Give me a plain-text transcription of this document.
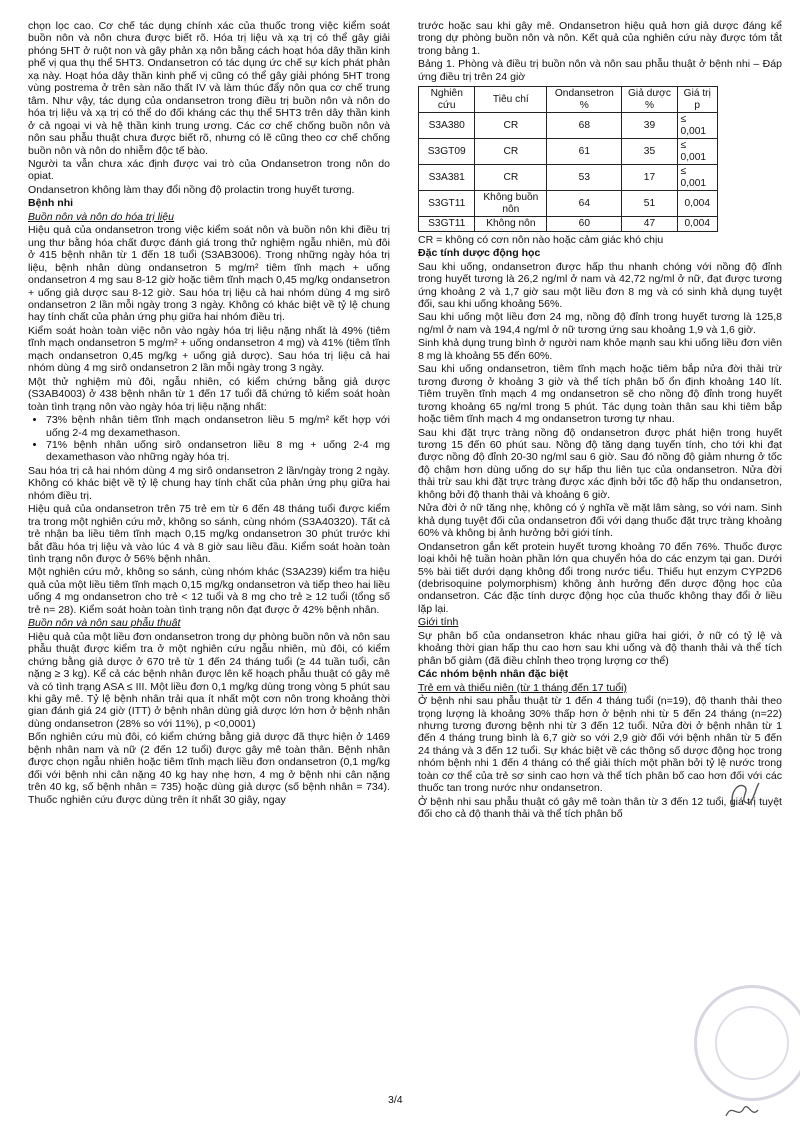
chọn lọc cao. Cơ chế tác dụng chính xác của thuốc trong việc kiểm soát buồn nôn và nôn chưa được biết rõ. Hóa trị liệu và xạ trị có thể gây giải phóng 5HT ở ruột non và gây phản xạ nôn bằng cách hoạt hóa dây thần kinh phế vị qua thụ thể 5HT3. Ondansetron có tác dụng ức chế sự kích phát phản xạ này. Hoạt hóa dây thần kinh phế vị cũng có thể gây giải phóng 5HT trong vùng postrema ở trên sàn não thất IV và làm thúc đẩy nôn qua cơ chế trung tâm. Như vậy, tác dụng của ondansetron trong điều trị buồn nôn và nôn do hóa trị liệu và xạ trị có thể do đối kháng các thụ thể 5HT3 trên dây thần kinh ở cả ngoại vi và hệ thần kinh trung ương. Các cơ chế chống buồn nôn và nôn sau phẫu thuật chưa được biết rõ, nhưng có lẽ cũng theo cơ chế chống buồn nôn và nôn do nhiễm độc tế bào.

Người ta vẫn chưa xác định được vai trò của Ondansetron trong nôn do opiat.

Ondansetron không làm thay đổi nồng độ prolactin trong huyết tương.

Bệnh nhi

Buồn nôn và nôn do hóa trị liệu

Hiệu quả của ondansetron trong việc kiểm soát nôn và buồn nôn khi điều trị ung thư bằng hóa chất được đánh giá trong thử nghiệm ngẫu nhiên, mù đôi ở 415 bệnh nhân từ 1 đến 18 tuổi (S3AB3006). Trong những ngày hóa trị liệu, bệnh nhân dùng ondansetron 5 mg/m² tiêm tĩnh mạch + uống ondansetron 4 mg sau 8-12 giờ hoặc tiêm tĩnh mạch 0,45 mg/kg ondansetron + uống giả dược sau 8-12 giờ. Sau hóa trị liệu cả hai nhóm dùng 4 mg sirô ondansetron 2 lần mỗi ngày trong 3 ngày. Không có khác biệt về tỷ lệ chung hay tính chất của phản ứng phụ giữa hai nhóm điều trị.

Kiểm soát hoàn toàn việc nôn vào ngày hóa trị liệu nặng nhất là 49% (tiêm tĩnh mạch ondansetron 5 mg/m² + uống ondansetron 4 mg) và 41% (tiêm tĩnh mạch ondansetron 0,45 mg/kg + uống giả dược). Sau hóa trị liệu cả hai nhóm dùng 4 mg sirô ondansetron 2 lần mỗi ngày trong 3 ngày.

Một thử nghiệm mù đôi, ngẫu nhiên, có kiểm chứng bằng giả dược (S3AB4003) ở 438 bệnh nhân từ 1 đến 17 tuổi đã chứng tỏ kiểm soát hoàn toàn tình trạng nôn vào ngày hóa trị liệu nặng nhất:

• 73% bệnh nhân tiêm tĩnh mạch ondansetron liều 5 mg/m² kết hợp với uống 2-4 mg dexamethason.
• 71% bệnh nhân uống sirô ondansetron liều 8 mg + uống 2-4 mg dexamethason vào những ngày hóa trị.

Sau hóa trị cả hai nhóm dùng 4 mg sirô ondansetron 2 lần/ngày trong 2 ngày. Không có khác biệt về tỷ lệ chung hay tính chất của phản ứng phụ giữa hai nhóm điều trị.

Hiệu quả của ondansetron trên 75 trẻ em từ 6 đến 48 tháng tuổi được kiểm tra trong một nghiên cứu mở, không so sánh, cùng nhóm (S3A40320). Tất cả trẻ nhận ba liều tiêm tĩnh mạch 0,15 mg/kg ondansetron 30 phút trước khi bắt đầu hóa trị liệu và vào lúc 4 và 8 giờ sau liều đầu. Kiểm soát hoàn toàn tình trạng nôn được ở 56% bệnh nhân.

Một nghiên cứu mở, không so sánh, cùng nhóm khác (S3A239) kiểm tra hiệu quả của một liều tiêm tĩnh mạch 0,15 mg/kg ondansetron và tiếp theo hai liều uống 4 mg ondansetron cho trẻ < 12 tuổi và 8 mg cho trẻ ≥ 12 tuổi (tổng số trẻ n= 28). Kiểm soát hoàn toàn tình trạng nôn đạt được ở 42% bệnh nhân.

Buồn nôn và nôn sau phẫu thuật

Hiệu quả của một liều đơn ondansetron trong dự phòng buồn nôn và nôn sau phẫu thuật được kiểm tra ở một nghiên cứu ngẫu nhiên, mù đôi, có kiểm chứng bằng giả dược ở 670 trẻ từ 1 đến 24 tháng tuổi (≥ 44 tuần tuổi, cân nặng ≥ 3 kg). Kể cả các bệnh nhân được lên kế hoạch phẫu thuật có gây mê và có tình trạng ASA ≤ III. Một liều đơn 0,1 mg/kg dùng trong vòng 5 phút sau khi gây mê. Tỷ lệ bệnh nhân trải qua ít nhất một cơn nôn trong khoảng thời gian đánh giá 24 giờ (ITT) ở bệnh nhân dùng giả dược lớn hơn ở bệnh nhân dùng ondansetron (28% so với 11%), p <0,0001)

Bốn nghiên cứu mù đôi, có kiểm chứng bằng giả dược đã thực hiện ở 1469 bệnh nhân nam và nữ (2 đến 12 tuổi) được gây mê toàn thân. Bệnh nhân được chọn ngẫu nhiên hoặc tiêm tĩnh mạch liều đơn ondansetron (0,1 mg/kg đối với bệnh nhi cân nặng 40 kg hay nhẹ hơn, 4 mg ở bệnh nhi cân nặng trên 40 kg, số bệnh nhân = 735) hoặc dùng giả dược (số bệnh nhân = 734). Thuốc nghiên cứu được dùng trên ít nhất 30 giây, ngay

trước hoặc sau khi gây mê. Ondansetron hiệu quả hơn giả dược đáng kể trong dự phòng buồn nôn và nôn. Kết quả của nghiên cứu này được tóm tắt trong bảng 1.

Bảng 1. Phòng và điều trị buồn nôn và nôn sau phẫu thuật ở bệnh nhi – Đáp ứng điều trị trên 24 giờ

Nghiên cứu	Tiêu chí	Ondansetron %	Giả dược %	Giá trị p
S3A380	CR	68	39	≤ 0,001
S3GT09	CR	61	35	≤ 0,001
S3A381	CR	53	17	≤ 0,001
S3GT11	Không buồn nôn	64	51	0,004
S3GT11	Không nôn	60	47	0,004

CR = không có cơn nôn nào hoặc cảm giác khó chịu

Đặc tính dược động học

Sau khi uống, ondansetron được hấp thu nhanh chóng với nồng độ đỉnh trong huyết tương là 26,2 ng/ml ở nam và 42,72 ng/ml ở nữ, đạt được tương ứng khoảng 2 và 1,7 giờ sau một liều đơn 8 mg và có sinh khả dụng tuyệt đối, sau khi uống khoảng 56%.

Sau khi uống một liều đơn 24 mg, nồng độ đỉnh trong huyết tương là 125,8 ng/ml ở nam và 194,4 ng/ml ở nữ tương ứng sau khoảng 1,9 và 1,6 giờ.

Sinh khả dụng trung bình ở người nam khỏe mạnh sau khi uống liều đơn viên 8 mg là khoảng 55 đến 60%.

Sau khi uống ondansetron, tiêm tĩnh mạch hoặc tiêm bắp nửa đời thải trừ tương đương ở khoảng 3 giờ và thể tích phân bố ổn định khoảng 140 lít. Tiêm truyền tĩnh mạch 4 mg ondansetron sẽ cho nồng độ đỉnh trong huyết tương khoảng 65 ng/ml trong 5 phút. Tác dụng toàn thân sau khi tiêm bắp hoặc tiêm tĩnh mạch 4 mg ondansetron tương tự nhau.

Sau khi đặt trực tràng nồng độ ondansetron được phát hiện trong huyết tương 15 đến 60 phút sau. Nồng độ tăng dạng tuyến tính, cho tới khi đạt được nồng độ đỉnh 20-30 ng/ml sau 6 giờ. Sau đó nồng độ giảm nhưng ở tốc độ chậm hơn dùng uống do sự hấp thu liên tục của ondansetron. Nửa đời thải trừ sau khi đặt trực tràng được xác định bởi tốc độ hấp thu ondansetron, không bởi độ thanh thải và khoảng 6 giờ.

Nửa đời ở nữ tăng nhẹ, không có ý nghĩa về mặt lâm sàng, so với nam. Sinh khả dụng tuyệt đối của ondansetron đối với dạng thuốc đặt trực tràng khoảng 60% và không bị ảnh hưởng bởi giới tính.

Ondansetron gắn kết protein huyết tương khoảng 70 đến 76%. Thuốc được loại khỏi hệ tuần hoàn phần lớn qua chuyển hóa do các enzym tại gan. Dưới 5% bài tiết dưới dạng không đổi trong nước tiểu. Thiếu hụt enzym CYP2D6 (debrisoquine polymorphism) không ảnh hưởng đến dược động học của ondansetron. Các đặc tính dược động học của thuốc không thay đổi ở liều lặp lại.

Giới tính

Sự phân bố của ondansetron khác nhau giữa hai giới, ở nữ có tỷ lệ và khoảng thời gian hấp thu cao hơn sau khi uống và độ thanh thải và thể tích phân bố giảm (đã điều chỉnh theo trọng lượng cơ thể)

Các nhóm bệnh nhân đặc biệt

Trẻ em và thiếu niên (từ 1 tháng đến 17 tuổi)

Ở bệnh nhi sau phẫu thuật từ 1 đến 4 tháng tuổi (n=19), độ thanh thải theo trọng lượng là khoảng 30% thấp hơn ở bệnh nhi từ 5 đến 24 tháng (n=22) nhưng tương đương bệnh nhi từ 3 đến 12 tuổi. Nửa đời ở bệnh nhân từ 1 đến 4 tháng trung bình là 6,7 giờ so với 2,9 giờ đối với bệnh nhân từ 5 đến 24 tháng và 3 đến 12 tuổi. Sự khác biệt về các thông số dược động học trong nhóm bệnh nhi 1 đến 4 tháng có thể giải thích một phần bởi tỷ lệ nước trong toàn cơ thể của trẻ sơ sinh cao hơn và thể tích phân bố cao hơn đối với các thuốc tan trong nước như ondansetron.

Ở bệnh nhi sau phẫu thuật có gây mê toàn thân từ 3 đến 12 tuổi, giá trị tuyệt đối cho cả độ thanh thải và thể tích phân bố

3/4
